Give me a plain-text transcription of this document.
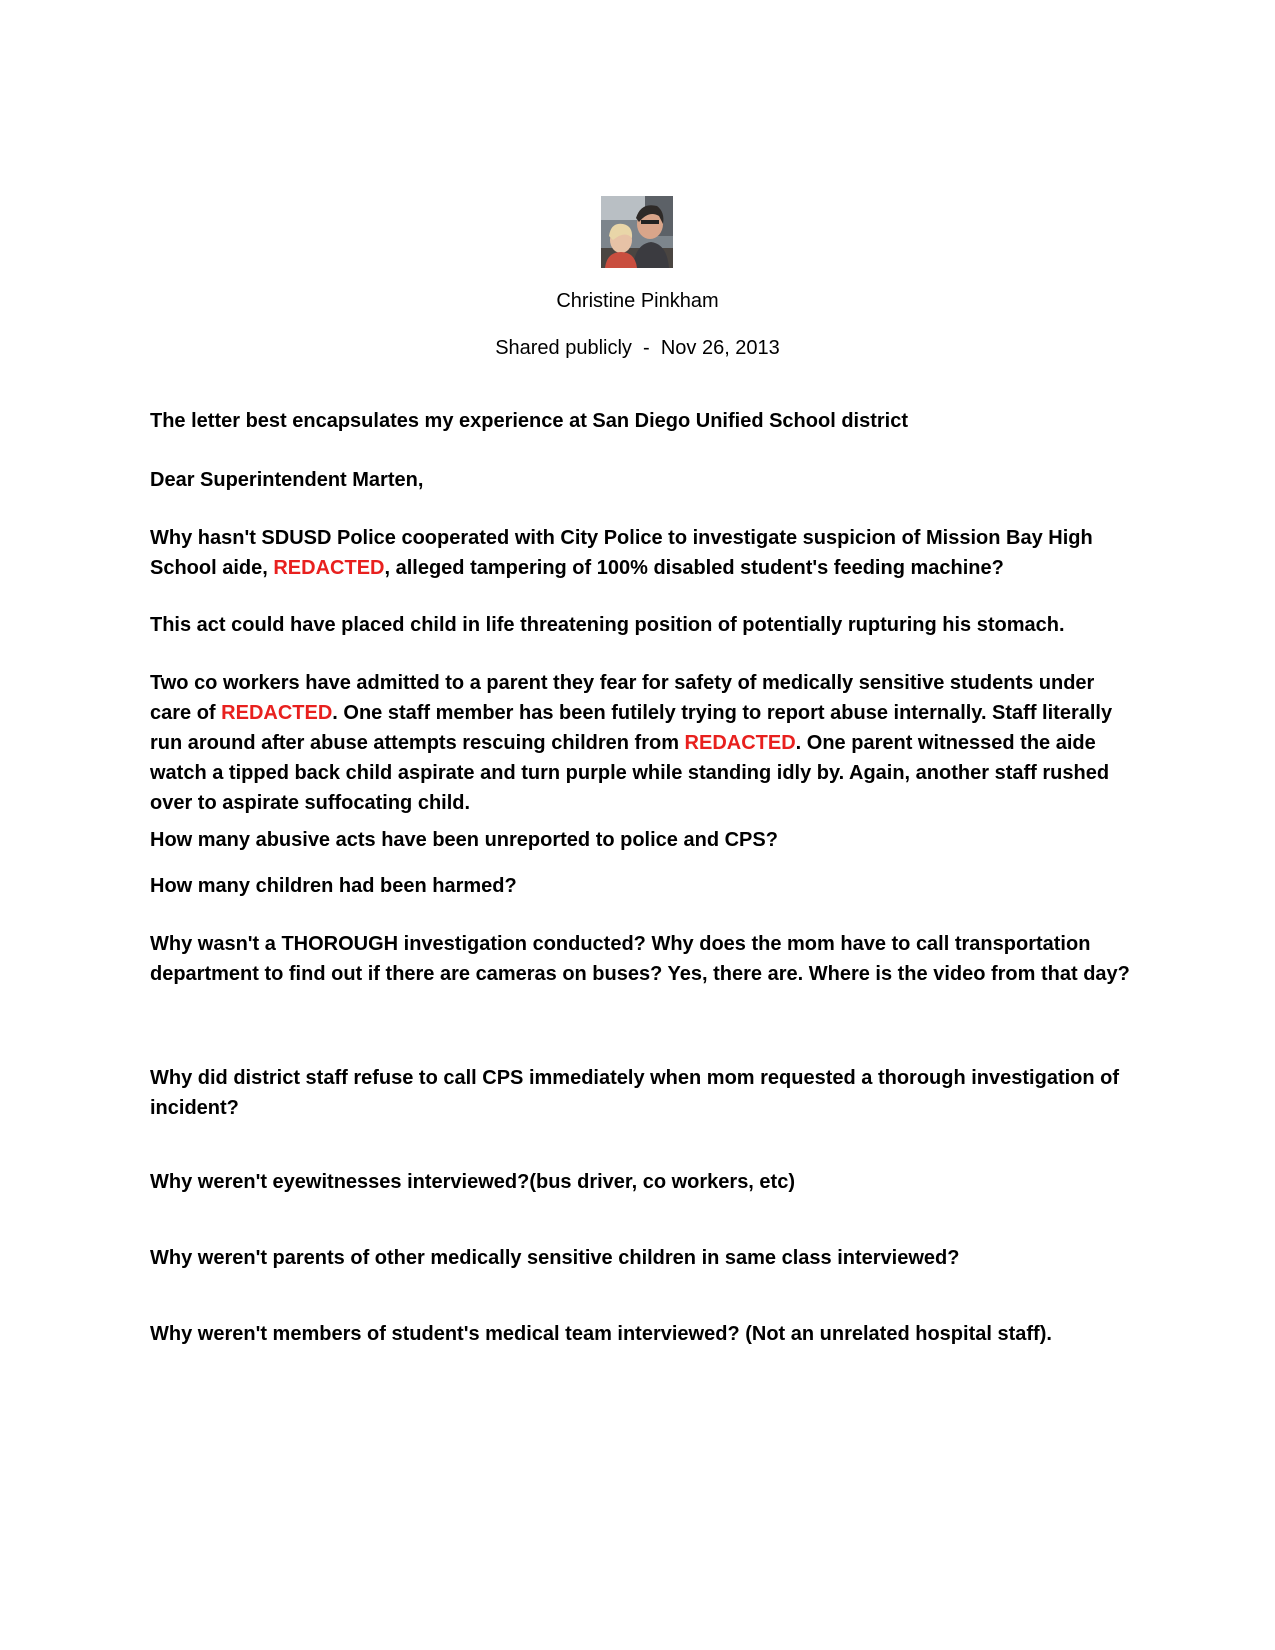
Christine Pinkham
Shared publicly  -  Nov 26, 2013

The letter best encapsulates my experience at San Diego Unified School district

Dear Superintendent Marten,

Why hasn't SDUSD Police cooperated with City Police to investigate suspicion of Mission Bay High School aide, REDACTED, alleged tampering of 100% disabled student's feeding machine?

This act could have placed child in life threatening position of potentially rupturing his stomach.

Two co workers have admitted to a parent they fear for safety of medically sensitive students under care of REDACTED. One staff member has been futilely trying to report abuse internally. Staff literally run around after abuse attempts rescuing children from REDACTED. One parent witnessed the aide watch a tipped back child aspirate and turn purple while standing idly by. Again, another staff rushed over to aspirate suffocating child.

How many abusive acts have been unreported to police and CPS?

How many children had been harmed?

Why wasn't a THOROUGH investigation conducted? Why does the mom have to call transportation department to find out if there are cameras on buses? Yes, there are. Where is the video from that day?

Why did district staff refuse to call CPS immediately when mom requested a thorough investigation of incident?

Why weren't eyewitnesses interviewed?(bus driver, co workers, etc)

Why weren't parents of other medically sensitive children in same class interviewed?

Why weren't members of student's medical team interviewed? (Not an unrelated hospital staff).
